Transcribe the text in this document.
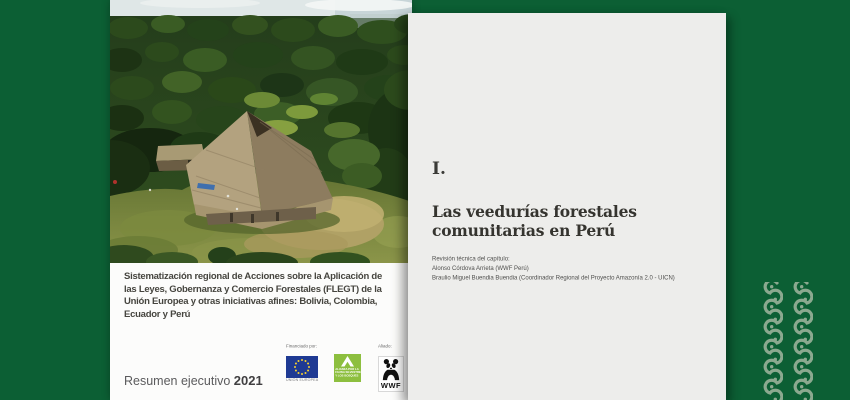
Sistematización regional de Acciones sobre la Aplicación de
las Leyes, Gobernanza y Comercio Forestales (FLEGT) de la
Unión Europea y otras iniciativas afines: Bolivia, Colombia,
Ecuador y Perú
Resumen ejecutivo 2021
Financiado por:
UNIÓN EUROPEA
ALIANZA POR LA FAUNA SILVESTRE Y LOS BOSQUES
Aliado:
WWF
I.
Las veedurías forestales
comunitarias en Perú
Revisión técnica del capítulo:
Alonso Córdova Arrieta (WWF Perú)
Braulio Miguel Buendia Buendia (Coordinador Regional del Proyecto Amazonía 2.0 - UICN)
